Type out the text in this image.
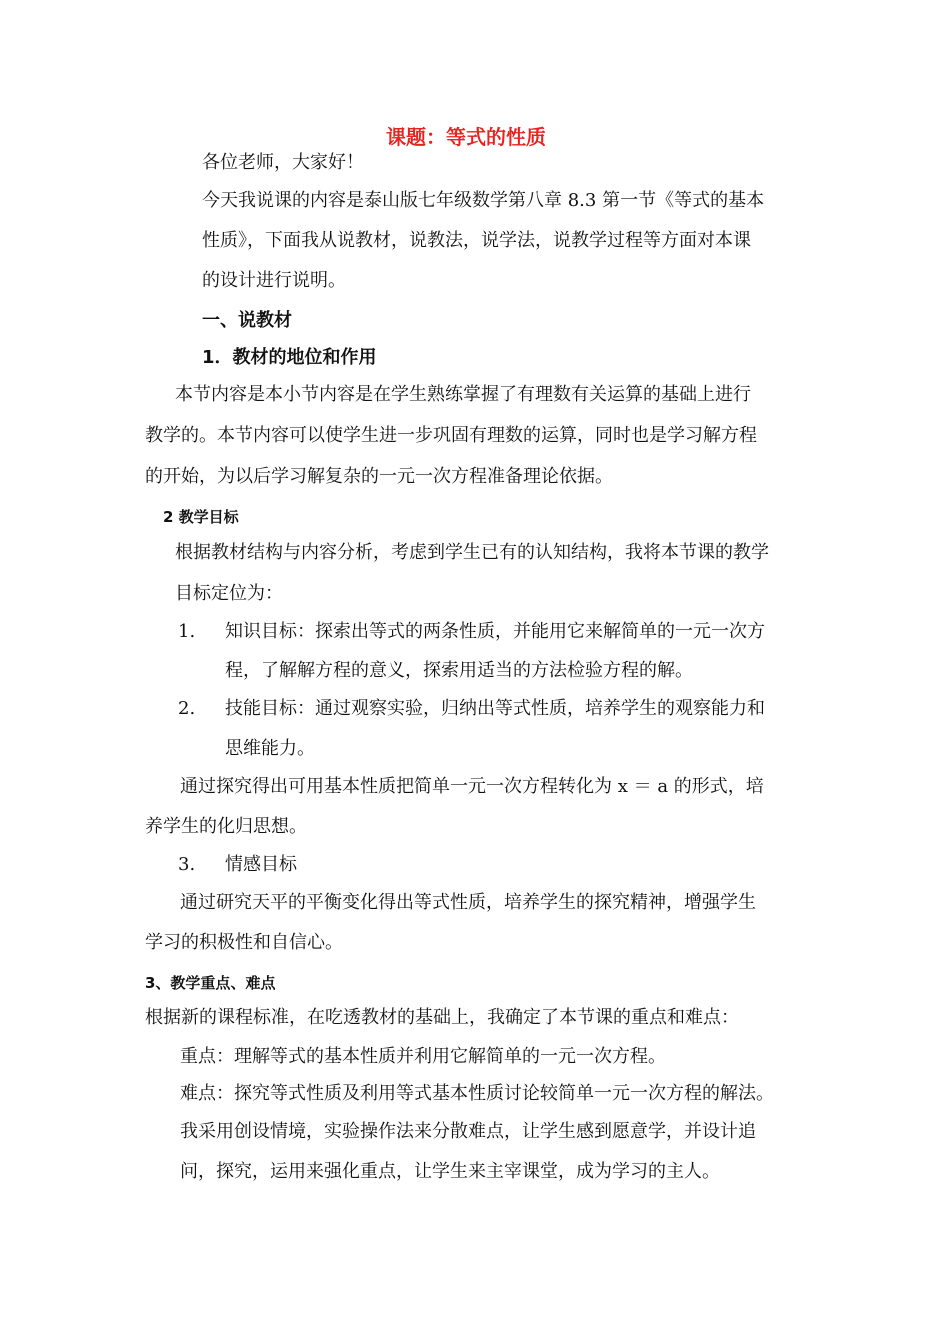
课题：等式的性质
各位老师，大家好！
今天我说课的内容是泰山版七年级数学第八章 8.3 第一节《等式的基本
性质》，下面我从说教材，说教法，说学法，说教学过程等方面对本课
的设计进行说明。
一、说教材
1．教材的地位和作用
本节内容是本小节内容是在学生熟练掌握了有理数有关运算的基础上进行
教学的。本节内容可以使学生进一步巩固有理数的运算，同时也是学习解方程
的开始，为以后学习解复杂的一元一次方程准备理论依据。
2 教学目标
根据教材结构与内容分析，考虑到学生已有的认知结构，我将本节课的教学
目标定位为：
1. 知识目标：探索出等式的两条性质，并能用它来解简单的一元一次方
程，了解解方程的意义，探索用适当的方法检验方程的解。
2. 技能目标：通过观察实验，归纳出等式性质，培养学生的观察能力和
思维能力。
通过探究得出可用基本性质把简单一元一次方程转化为 x ＝ a 的形式，培
养学生的化归思想。
3. 情感目标
通过研究天平的平衡变化得出等式性质，培养学生的探究精神，增强学生
学习的积极性和自信心。
3、教学重点、难点
根据新的课程标准，在吃透教材的基础上，我确定了本节课的重点和难点：
重点：理解等式的基本性质并利用它解简单的一元一次方程。
难点：探究等式性质及利用等式基本性质讨论较简单一元一次方程的解法。
我采用创设情境，实验操作法来分散难点，让学生感到愿意学，并设计追
问，探究，运用来强化重点，让学生来主宰课堂，成为学习的主人。
